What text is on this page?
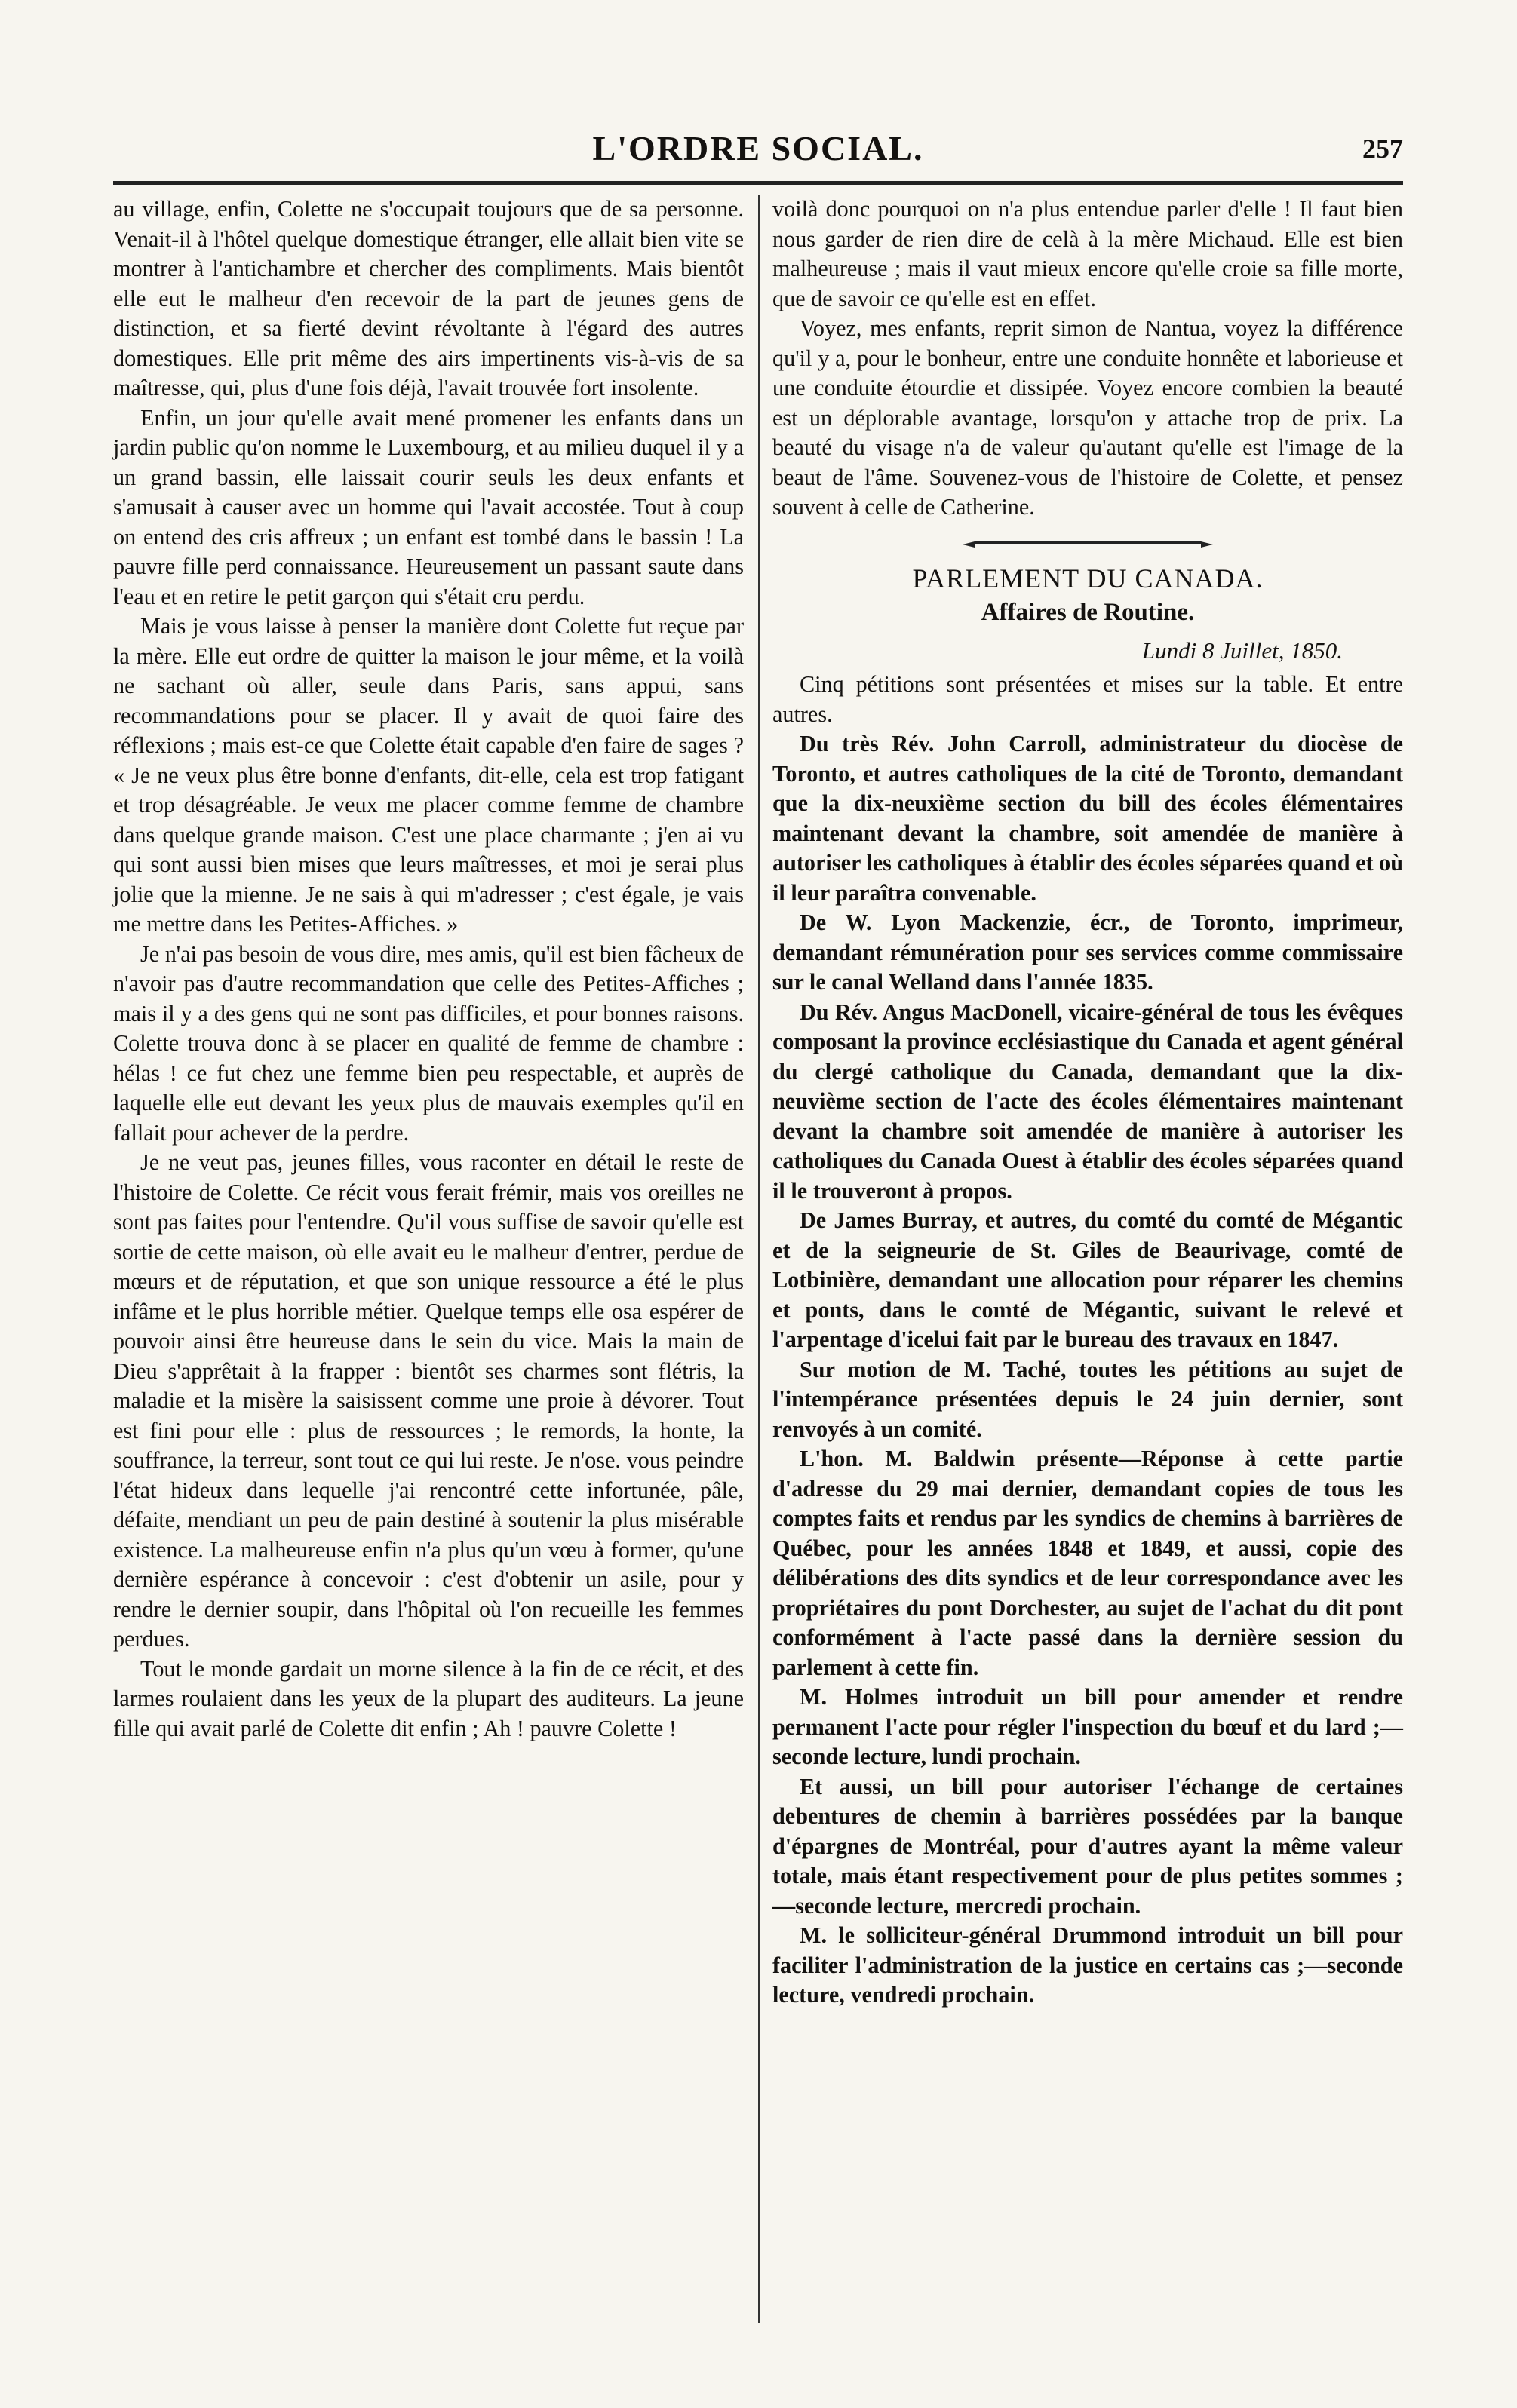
L'ORDRE SOCIAL.	257

au village, enfin, Colette ne s'occupait toujours que de sa personne. Venait-il à l'hôtel quelque domestique étranger, elle allait bien vite se montrer à l'antichambre et chercher des compliments. Mais bientôt elle eut le malheur d'en recevoir de la part de jeunes gens de distinction, et sa fierté devint révoltante à l'égard des autres domestiques. Elle prit même des airs impertinents vis-à-vis de sa maîtresse, qui, plus d'une fois déjà, l'avait trouvée fort insolente.

Enfin, un jour qu'elle avait mené promener les enfants dans un jardin public qu'on nomme le Luxembourg, et au milieu duquel il y a un grand bassin, elle laissait courir seuls les deux enfants et s'amusait à causer avec un homme qui l'avait accostée. Tout à coup on entend des cris affreux ; un enfant est tombé dans le bassin ! La pauvre fille perd connaissance. Heureusement un passant saute dans l'eau et en retire le petit garçon qui s'était cru perdu.

Mais je vous laisse à penser la manière dont Colette fut reçue par la mère. Elle eut ordre de quitter la maison le jour même, et la voilà ne sachant où aller, seule dans Paris, sans appui, sans recommandations pour se placer. Il y avait de quoi faire des réflexions ; mais est-ce que Colette était capable d'en faire de sages ? « Je ne veux plus être bonne d'enfants, dit-elle, cela est trop fatigant et trop désagréable. Je veux me placer comme femme de chambre dans quelque grande maison. C'est une place charmante ; j'en ai vu qui sont aussi bien mises que leurs maîtresses, et moi je serai plus jolie que la mienne. Je ne sais à qui m'adresser ; c'est égale, je vais me mettre dans les Petites-Affiches. »

Je n'ai pas besoin de vous dire, mes amis, qu'il est bien fâcheux de n'avoir pas d'autre recommandation que celle des Petites-Affiches ; mais il y a des gens qui ne sont pas difficiles, et pour bonnes raisons. Colette trouva donc à se placer en qualité de femme de chambre : hélas ! ce fut chez une femme bien peu respectable, et auprès de laquelle elle eut devant les yeux plus de mauvais exemples qu'il en fallait pour achever de la perdre.

Je ne veut pas, jeunes filles, vous raconter en détail le reste de l'histoire de Colette. Ce récit vous ferait frémir, mais vos oreilles ne sont pas faites pour l'entendre. Qu'il vous suffise de savoir qu'elle est sortie de cette maison, où elle avait eu le malheur d'entrer, perdue de mœurs et de réputation, et que son unique ressource a été le plus infâme et le plus horrible métier. Quelque temps elle osa espérer de pouvoir ainsi être heureuse dans le sein du vice. Mais la main de Dieu s'apprêtait à la frapper : bientôt ses charmes sont flétris, la maladie et la misère la saisissent comme une proie à dévorer. Tout est fini pour elle : plus de ressources ; le remords, la honte, la souffrance, la terreur, sont tout ce qui lui reste. Je n'ose. vous peindre l'état hideux dans lequelle j'ai rencontré cette infortunée, pâle, défaite, mendiant un peu de pain destiné à soutenir la plus misérable existence. La malheureuse enfin n'a plus qu'un vœu à former, qu'une dernière espérance à concevoir : c'est d'obtenir un asile, pour y rendre le dernier soupir, dans l'hôpital où l'on recueille les femmes perdues.

Tout le monde gardait un morne silence à la fin de ce récit, et des larmes roulaient dans les yeux de la plupart des auditeurs. La jeune fille qui avait parlé de Colette dit enfin ; Ah ! pauvre Colette !

voilà donc pourquoi on n'a plus entendue parler d'elle ! Il faut bien nous garder de rien dire de celà à la mère Michaud. Elle est bien malheureuse ; mais il vaut mieux encore qu'elle croie sa fille morte, que de savoir ce qu'elle est en effet.

Voyez, mes enfants, reprit simon de Nantua, voyez la différence qu'il y a, pour le bonheur, entre une conduite honnête et laborieuse et une conduite étourdie et dissipée. Voyez encore combien la beauté est un déplorable avantage, lorsqu'on y attache trop de prix. La beauté du visage n'a de valeur qu'autant qu'elle est l'image de la beaut de l'âme. Souvenez-vous de l'histoire de Colette, et pensez souvent à celle de Catherine.

PARLEMENT DU CANADA.
Affaires de Routine.
Lundi 8 Juillet, 1850.

Cinq pétitions sont présentées et mises sur la table. Et entre autres.

Du très Rév. John Carroll, administrateur du diocèse de Toronto, et autres catholiques de la cité de Toronto, demandant que la dix-neuxième section du bill des écoles élémentaires maintenant devant la chambre, soit amendée de manière à autoriser les catholiques à établir des écoles séparées quand et où il leur paraîtra convenable.

De W. Lyon Mackenzie, écr., de Toronto, imprimeur, demandant rémunération pour ses services comme commissaire sur le canal Welland dans l'année 1835.

Du Rév. Angus MacDonell, vicaire-général de tous les évêques composant la province ecclésiastique du Canada et agent général du clergé catholique du Canada, demandant que la dix-neuvième section de l'acte des écoles élémentaires maintenant devant la chambre soit amendée de manière à autoriser les catholiques du Canada Ouest à établir des écoles séparées quand il le trouveront à propos.

De James Burray, et autres, du comté du comté de Mégantic et de la seigneurie de St. Giles de Beaurivage, comté de Lotbinière, demandant une allocation pour réparer les chemins et ponts, dans le comté de Mégantic, suivant le relevé et l'arpentage d'icelui fait par le bureau des travaux en 1847.

Sur motion de M. Taché, toutes les pétitions au sujet de l'intempérance présentées depuis le 24 juin dernier, sont renvoyés à un comité.

L'hon. M. Baldwin présente—Réponse à cette partie d'adresse du 29 mai dernier, demandant copies de tous les comptes faits et rendus par les syndics de chemins à barrières de Québec, pour les années 1848 et 1849, et aussi, copie des délibérations des dits syndics et de leur correspondance avec les propriétaires du pont Dorchester, au sujet de l'achat du dit pont conformément à l'acte passé dans la dernière session du parlement à cette fin.

M. Holmes introduit un bill pour amender et rendre permanent l'acte pour régler l'inspection du bœuf et du lard ;—seconde lecture, lundi prochain.

Et aussi, un bill pour autoriser l'échange de certaines debentures de chemin à barrières possédées par la banque d'épargnes de Montréal, pour d'autres ayant la même valeur totale, mais étant respectivement pour de plus petites sommes ;—seconde lecture, mercredi prochain.

M. le solliciteur-général Drummond introduit un bill pour faciliter l'administration de la justice en certains cas ;—seconde lecture, vendredi prochain.
